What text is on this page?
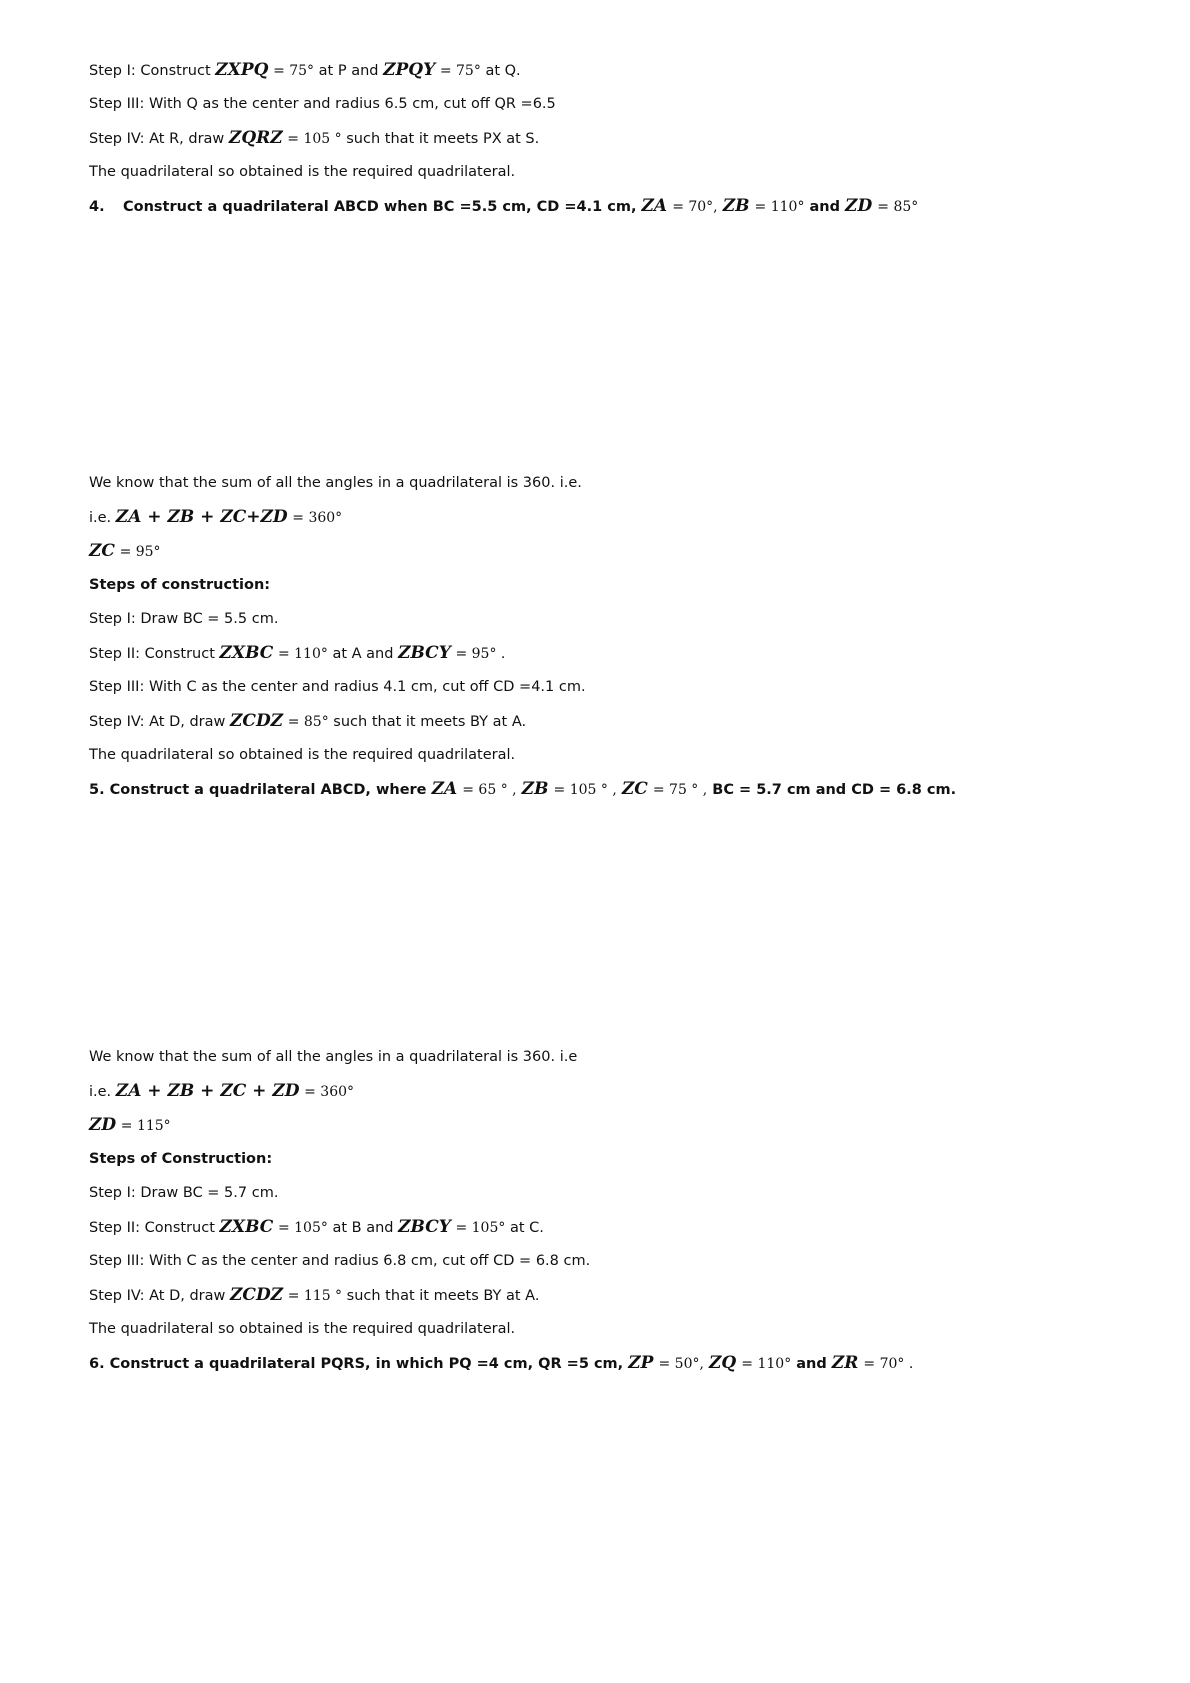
Step I: Construct ZXPQ = 75° at P and ZPQY = 75° at Q.
Step III: With Q as the center and radius 6.5 cm, cut off QR =6.5
Step IV: At R, draw ZQRZ = 105 ° such that it meets PX at S.
The quadrilateral so obtained is the required quadrilateral.
4. Construct a quadrilateral ABCD when BC =5.5 cm, CD =4.1 cm, ZA = 70°, ZB = 110° and ZD = 85°
We know that the sum of all the angles in a quadrilateral is 360. i.e.
i.e. ZA + ZB + ZC+ZD = 360°
ZC = 95°
Steps of construction:
Step I: Draw BC = 5.5 cm.
Step II: Construct ZXBC = 110° at A and ZBCY = 95° .
Step III: With C as the center and radius 4.1 cm, cut off CD =4.1 cm.
Step IV: At D, draw ZCDZ = 85° such that it meets BY at A.
The quadrilateral so obtained is the required quadrilateral.
5. Construct a quadrilateral ABCD, where ZA = 65 ° , ZB = 105 ° , ZC = 75 ° , BC = 5.7 cm and CD = 6.8 cm.
We know that the sum of all the angles in a quadrilateral is 360. i.e
i.e. ZA + ZB + ZC + ZD = 360°
ZD = 115°
Steps of Construction:
Step I: Draw BC = 5.7 cm.
Step II: Construct ZXBC = 105° at B and ZBCY = 105° at C.
Step III: With C as the center and radius 6.8 cm, cut off CD = 6.8 cm.
Step IV: At D, draw ZCDZ = 115 ° such that it meets BY at A.
The quadrilateral so obtained is the required quadrilateral.
6. Construct a quadrilateral PQRS, in which PQ =4 cm, QR =5 cm, ZP = 50°, ZQ = 110° and ZR = 70° .
